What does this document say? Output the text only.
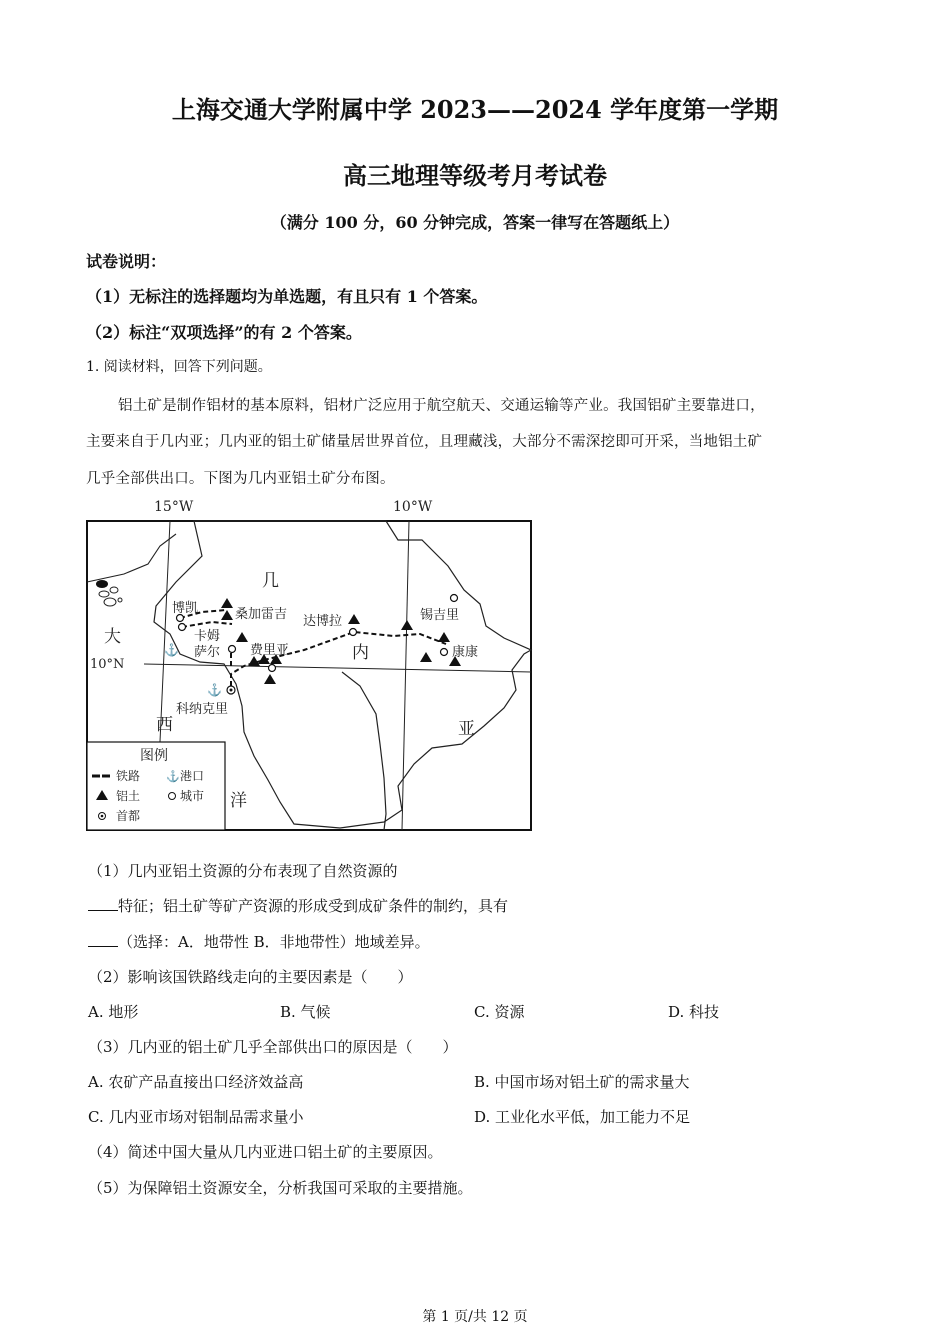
上海交通大学附属中学 2023——2024 学年度第一学期
高三地理等级考月考试卷
（满分 100 分，60 分钟完成，答案一律写在答题纸上）
试卷说明：
（1）无标注的选择题均为单选题，有且只有 1 个答案。
（2）标注“双项选择”的有 2 个答案。
1. 阅读材料，回答下列问题。
铝土矿是制作铝材的基本原料，铝材广泛应用于航空航天、交通运输等产业。我国铝矿主要靠进口，
主要来自于几内亚；几内亚的铝土矿储量居世界首位，且理藏浅，大部分不需深挖即可开采，当地铝土矿
几乎全部供出口。下图为几内亚铝土矿分布图。
15°W	10°W
10°N
⚓
⚓
博凯	桑加雷吉
卡姆
萨尔 费里亚
达博拉	锡吉里
康康
科纳克里
几
内
亚
大
西
洋
图例
铁路 ⚓ 港口
铝土	城市
首都
（1）几内亚铝土资源的分布表现了自然资源的
特征；铝土矿等矿产资源的形成受到成矿条件的制约，具有
（选择：A．地带性 B．非地带性）地域差异。
（2）影响该国铁路线走向的主要因素是（　　）
A. 地形	B. 气候	C. 资源	D. 科技
（3）几内亚的铝土矿几乎全部供出口的原因是（　　）
A. 农矿产品直接出口经济效益高	B. 中国市场对铝土矿的需求量大
C. 几内亚市场对铝制品需求量小	D. 工业化水平低，加工能力不足
（4）简述中国大量从几内亚进口铝土矿的主要原因。
（5）为保障铝土资源安全，分析我国可采取的主要措施。
第 1 页/共 12 页
